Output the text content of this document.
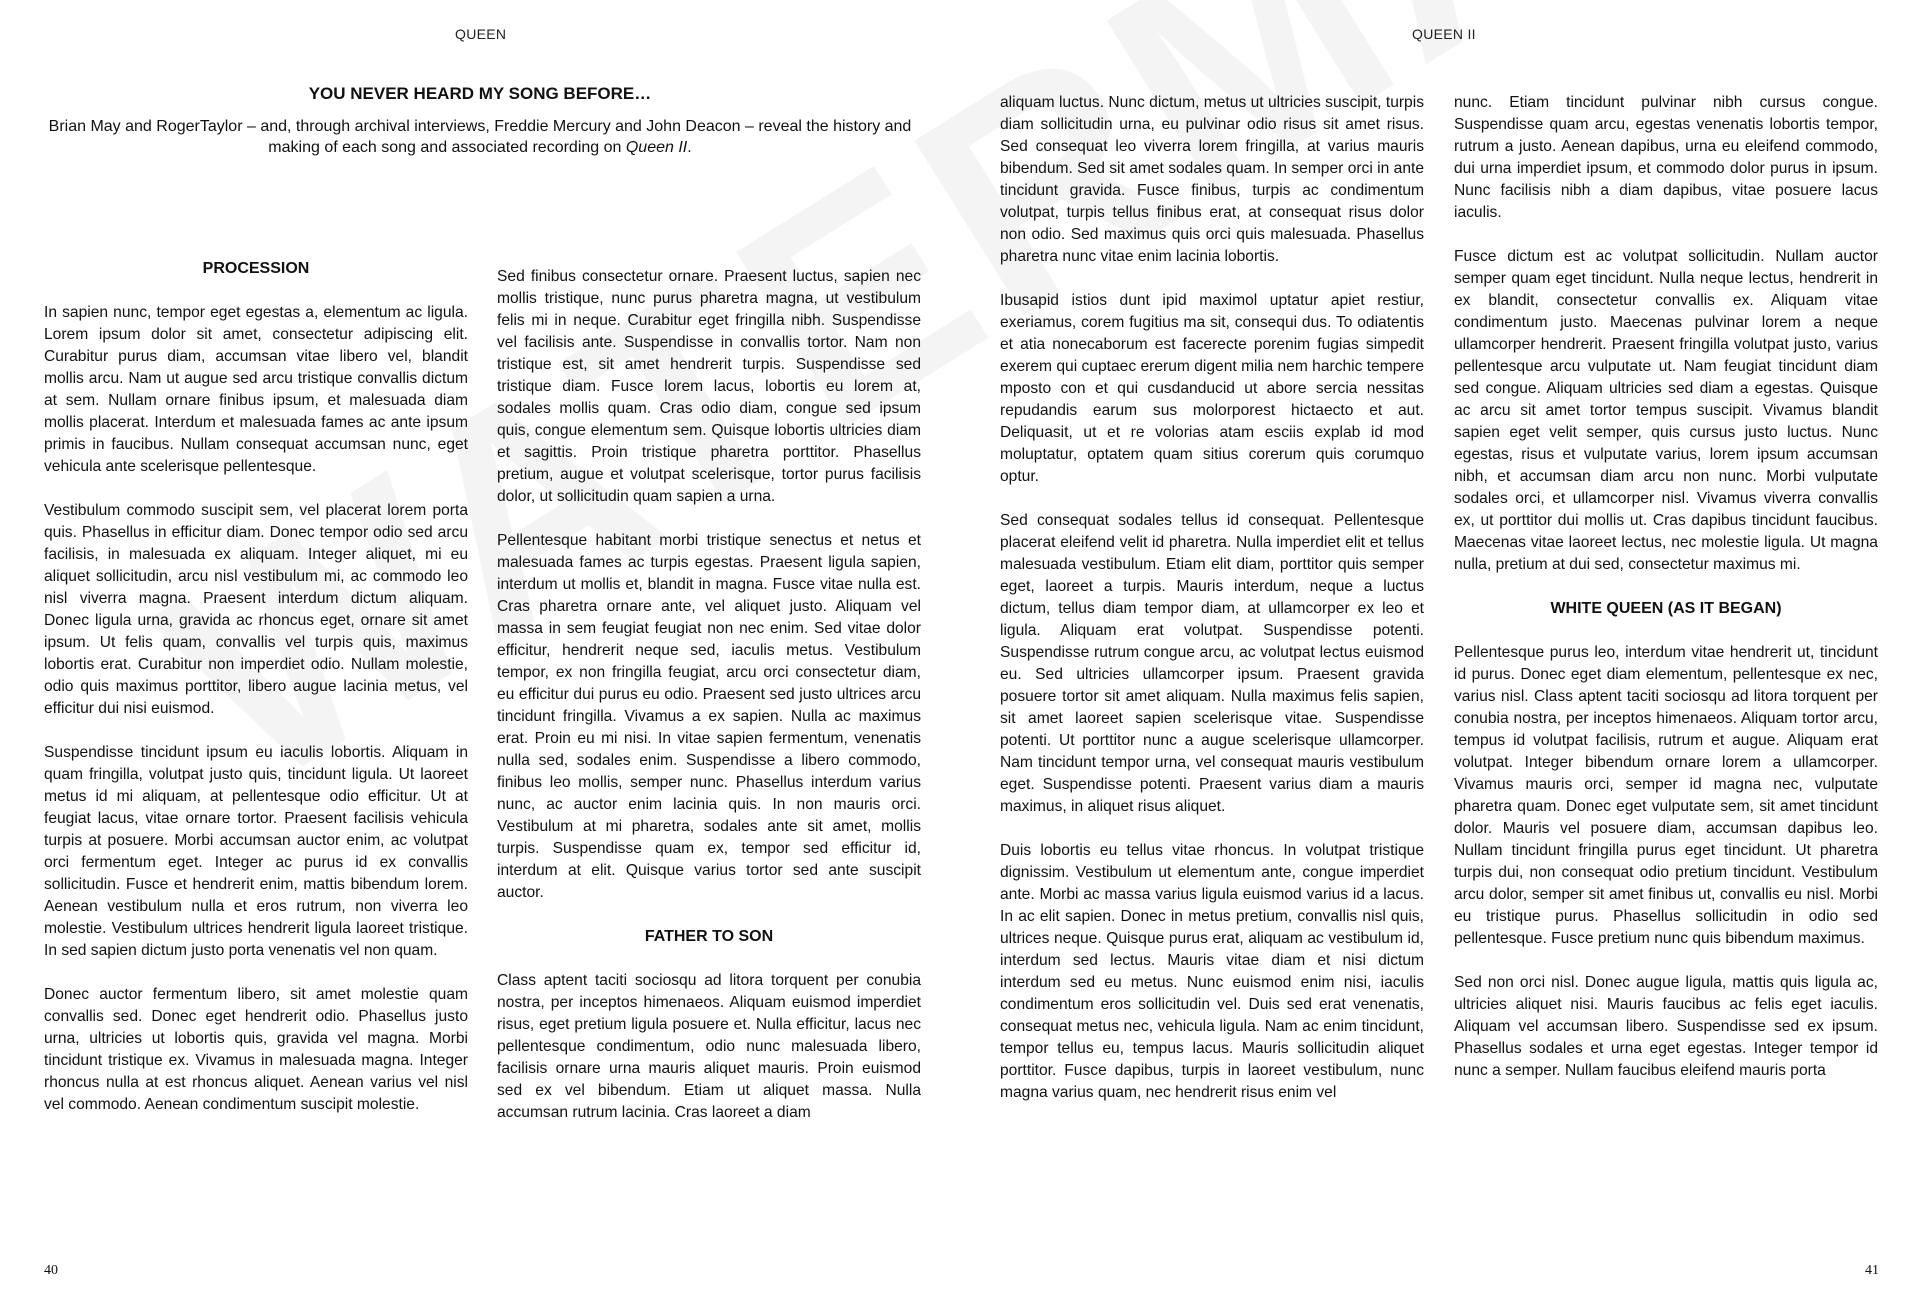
QUEEN
YOU NEVER HEARD MY SONG BEFORE…

Brian May and RogerTaylor – and, through archival interviews, Freddie Mercury and John Deacon – reveal the history and making of each song and associated recording on Queen II.

PROCESSION

In sapien nunc, tempor eget egestas a, elementum ac ligula. Lorem ipsum dolor sit amet, consectetur adipiscing elit. Curabitur purus diam, accumsan vitae libero vel, blandit mollis arcu. Nam ut augue sed arcu tristique convallis dictum at sem. Nullam ornare finibus ipsum, et malesuada diam mollis placerat. Interdum et malesuada fames ac ante ipsum primis in faucibus. Nullam consequat accumsan nunc, eget vehicula ante scelerisque pellentesque.

Vestibulum commodo suscipit sem, vel placerat lorem porta quis. Phasellus in efficitur diam. Donec tempor odio sed arcu facilisis, in malesuada ex aliquam. Integer aliquet, mi eu aliquet sollicitudin, arcu nisl vestibulum mi, ac commodo leo nisl viverra magna. Praesent interdum dictum aliquam. Donec ligula urna, gravida ac rhoncus eget, ornare sit amet ipsum. Ut felis quam, convallis vel turpis quis, maximus lobortis erat. Curabitur non imperdiet odio. Nullam molestie, odio quis maximus porttitor, libero augue lacinia metus, vel efficitur dui nisi euismod.

Suspendisse tincidunt ipsum eu iaculis lobortis. Aliquam in quam fringilla, volutpat justo quis, tincidunt ligula. Ut laoreet metus id mi aliquam, at pellentesque odio efficitur. Ut at feugiat lacus, vitae ornare tortor. Praesent facilisis vehicula turpis at posuere. Morbi accumsan auctor enim, ac volutpat orci fermentum eget. Integer ac purus id ex convallis sollicitudin. Fusce et hendrerit enim, mattis bibendum lorem. Aenean vestibulum nulla et eros rutrum, non viverra leo molestie. Vestibulum ultrices hendrerit ligula laoreet tristique. In sed sapien dictum justo porta venenatis vel non quam.

Donec auctor fermentum libero, sit amet molestie quam convallis sed. Donec eget hendrerit odio. Phasellus justo urna, ultricies ut lobortis quis, gravida vel magna. Morbi tincidunt tristique ex. Vivamus in malesuada magna. Integer rhoncus nulla at est rhoncus aliquet. Aenean varius vel nisl vel commodo. Aenean condimentum suscipit molestie.

Sed finibus consectetur ornare. Praesent luctus, sapien nec mollis tristique, nunc purus pharetra magna, ut vestibulum felis mi in neque. Curabitur eget fringilla nibh. Suspendisse vel facilisis ante. Suspendisse in convallis tortor. Nam non tristique est, sit amet hendrerit turpis. Suspendisse sed tristique diam. Fusce lorem lacus, lobortis eu lorem at, sodales mollis quam. Cras odio diam, congue sed ipsum quis, congue elementum sem. Quisque lobortis ultricies diam et sagittis. Proin tristique pharetra porttitor. Phasellus pretium, augue et volutpat scelerisque, tortor purus facilisis dolor, ut sollicitudin quam sapien a urna.

Pellentesque habitant morbi tristique senectus et netus et malesuada fames ac turpis egestas. Praesent ligula sapien, interdum ut mollis et, blandit in magna. Fusce vitae nulla est. Cras pharetra ornare ante, vel aliquet justo. Aliquam vel massa in sem feugiat feugiat non nec enim. Sed vitae dolor efficitur, hendrerit neque sed, iaculis metus. Vestibulum tempor, ex non fringilla feugiat, arcu orci consectetur diam, eu efficitur dui purus eu odio. Praesent sed justo ultrices arcu tincidunt fringilla. Vivamus a ex sapien. Nulla ac maximus erat. Proin eu mi nisi. In vitae sapien fermentum, venenatis nulla sed, sodales enim. Suspendisse a libero commodo, finibus leo mollis, semper nunc. Phasellus interdum varius nunc, ac auctor enim lacinia quis. In non mauris orci. Vestibulum at mi pharetra, sodales ante sit amet, mollis turpis. Suspendisse quam ex, tempor sed efficitur id, interdum at elit. Quisque varius tortor sed ante suscipit auctor.

FATHER TO SON

Class aptent taciti sociosqu ad litora torquent per conubia nostra, per inceptos himenaeos. Aliquam euismod imperdiet risus, eget pretium ligula posuere et. Nulla efficitur, lacus nec pellentesque condimentum, odio nunc malesuada libero, facilisis ornare urna mauris aliquet mauris. Proin euismod sed ex vel bibendum. Etiam ut aliquet massa. Nulla accumsan rutrum lacinia. Cras laoreet a diam

40
QUEEN II

aliquam luctus. Nunc dictum, metus ut ultricies suscipit, turpis diam sollicitudin urna, eu pulvinar odio risus sit amet risus. Sed consequat leo viverra lorem fringilla, at varius mauris bibendum. Sed sit amet sodales quam. In semper orci in ante tincidunt gravida. Fusce finibus, turpis ac condimentum volutpat, turpis tellus finibus erat, at consequat risus dolor non odio. Sed maximus quis orci quis malesuada. Phasellus pharetra nunc vitae enim lacinia lobortis.

Ibusapid istios dunt ipid maximol uptatur apiet restiur, exeriamus, corem fugitius ma sit, consequi dus. To odiatentis et atia nonecaborum est facerecte porenim fugias simpedit exerem qui cuptaec ererum digent milia nem harchic tempere mposto con et qui cusdanducid ut abore sercia nessitas repudandis earum sus molorporest hictaecto et aut. Deliquasit, ut et re volorias atam esciis explab id mod moluptatur, optatem quam sitius corerum quis corumquo optur.

Sed consequat sodales tellus id consequat. Pellentesque placerat eleifend velit id pharetra. Nulla imperdiet elit et tellus malesuada vestibulum. Etiam elit diam, porttitor quis semper eget, laoreet a turpis. Mauris interdum, neque a luctus dictum, tellus diam tempor diam, at ullamcorper ex leo et ligula. Aliquam erat volutpat. Suspendisse potenti. Suspendisse rutrum congue arcu, ac volutpat lectus euismod eu. Sed ultricies ullamcorper ipsum. Praesent gravida posuere tortor sit amet aliquam. Nulla maximus felis sapien, sit amet laoreet sapien scelerisque vitae. Suspendisse potenti. Ut porttitor nunc a augue scelerisque ullamcorper. Nam tincidunt tempor urna, vel consequat mauris vestibulum eget. Suspendisse potenti. Praesent varius diam a mauris maximus, in aliquet risus aliquet.

Duis lobortis eu tellus vitae rhoncus. In volutpat tristique dignissim. Vestibulum ut elementum ante, congue imperdiet ante. Morbi ac massa varius ligula euismod varius id a lacus. In ac elit sapien. Donec in metus pretium, convallis nisl quis, ultrices neque. Quisque purus erat, aliquam ac vestibulum id, interdum sed lectus. Mauris vitae diam et nisi dictum interdum sed eu metus. Nunc euismod enim nisi, iaculis condimentum eros sollicitudin vel. Duis sed erat venenatis, consequat metus nec, vehicula ligula. Nam ac enim tincidunt, tempor tellus eu, tempus lacus. Mauris sollicitudin aliquet porttitor. Fusce dapibus, turpis in laoreet vestibulum, nunc magna varius quam, nec hendrerit risus enim vel

nunc. Etiam tincidunt pulvinar nibh cursus congue. Suspendisse quam arcu, egestas venenatis lobortis tempor, rutrum a justo. Aenean dapibus, urna eu eleifend commodo, dui urna imperdiet ipsum, et commodo dolor purus in ipsum. Nunc facilisis nibh a diam dapibus, vitae posuere lacus iaculis.

Fusce dictum est ac volutpat sollicitudin. Nullam auctor semper quam eget tincidunt. Nulla neque lectus, hendrerit in ex blandit, consectetur convallis ex. Aliquam vitae condimentum justo. Maecenas pulvinar lorem a neque ullamcorper hendrerit. Praesent fringilla volutpat justo, varius pellentesque arcu vulputate ut. Nam feugiat tincidunt diam sed congue. Aliquam ultricies sed diam a egestas. Quisque ac arcu sit amet tortor tempus suscipit. Vivamus blandit sapien eget velit semper, quis cursus justo luctus. Nunc egestas, risus et vulputate varius, lorem ipsum accumsan nibh, et accumsan diam arcu non nunc. Morbi vulputate sodales orci, et ullamcorper nisl. Vivamus viverra convallis ex, ut porttitor dui mollis ut. Cras dapibus tincidunt faucibus. Maecenas vitae laoreet lectus, nec molestie ligula. Ut magna nulla, pretium at dui sed, consectetur maximus mi.

WHITE QUEEN (AS IT BEGAN)

Pellentesque purus leo, interdum vitae hendrerit ut, tincidunt id purus. Donec eget diam elementum, pellentesque ex nec, varius nisl. Class aptent taciti sociosqu ad litora torquent per conubia nostra, per inceptos himenaeos. Aliquam tortor arcu, tempus id volutpat facilisis, rutrum et augue. Aliquam erat volutpat. Integer bibendum ornare lorem a ullamcorper. Vivamus mauris orci, semper id magna nec, vulputate pharetra quam. Donec eget vulputate sem, sit amet tincidunt dolor. Mauris vel posuere diam, accumsan dapibus leo. Nullam tincidunt fringilla purus eget tincidunt. Ut pharetra turpis dui, non consequat odio pretium tincidunt. Vestibulum arcu dolor, semper sit amet finibus ut, convallis eu nisl. Morbi eu tristique purus. Phasellus sollicitudin in odio sed pellentesque. Fusce pretium nunc quis bibendum maximus.

Sed non orci nisl. Donec augue ligula, mattis quis ligula ac, ultricies aliquet nisi. Mauris faucibus ac felis eget iaculis. Aliquam vel accumsan libero. Suspendisse sed ex ipsum. Phasellus sodales et urna eget egestas. Integer tempor id nunc a semper. Nullam faucibus eleifend mauris porta

41
